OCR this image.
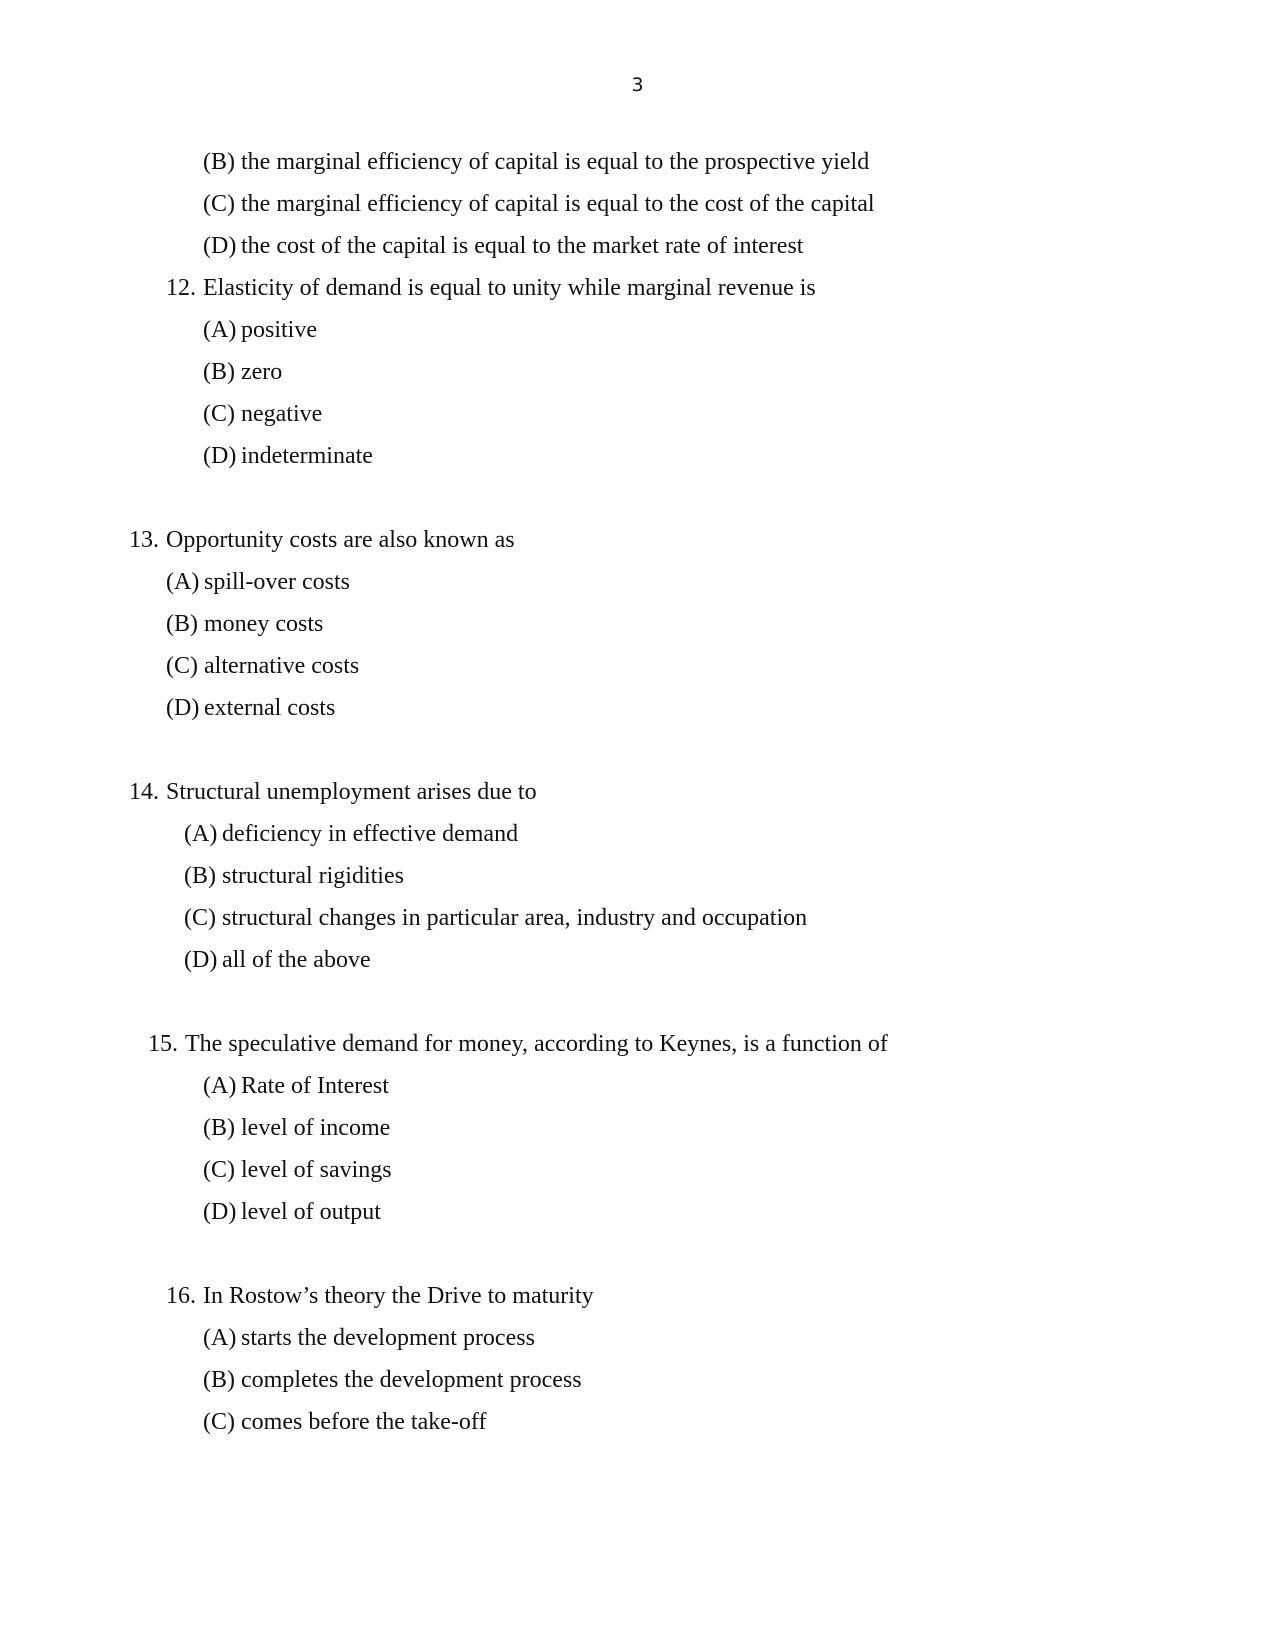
3
(B) the marginal efficiency of capital is equal to the prospective yield
(C) the marginal efficiency of capital is equal to the cost of the capital
(D) the cost of the capital is equal to the market rate of interest
12. Elasticity of demand is equal to unity while marginal revenue is
(A) positive
(B) zero
(C) negative
(D) indeterminate
13. Opportunity costs are also known as
(A) spill-over costs
(B) money costs
(C) alternative costs
(D) external costs
14. Structural unemployment arises due to
(A) deficiency in effective demand
(B) structural rigidities
(C) structural changes in particular area, industry and occupation
(D) all of the above
15. The speculative demand for money, according to Keynes, is a function of
(A) Rate of Interest
(B) level of income
(C) level of savings
(D) level of output
16. In Rostow’s theory the Drive to maturity
(A) starts the development process
(B) completes the development process
(C) comes before the take-off
